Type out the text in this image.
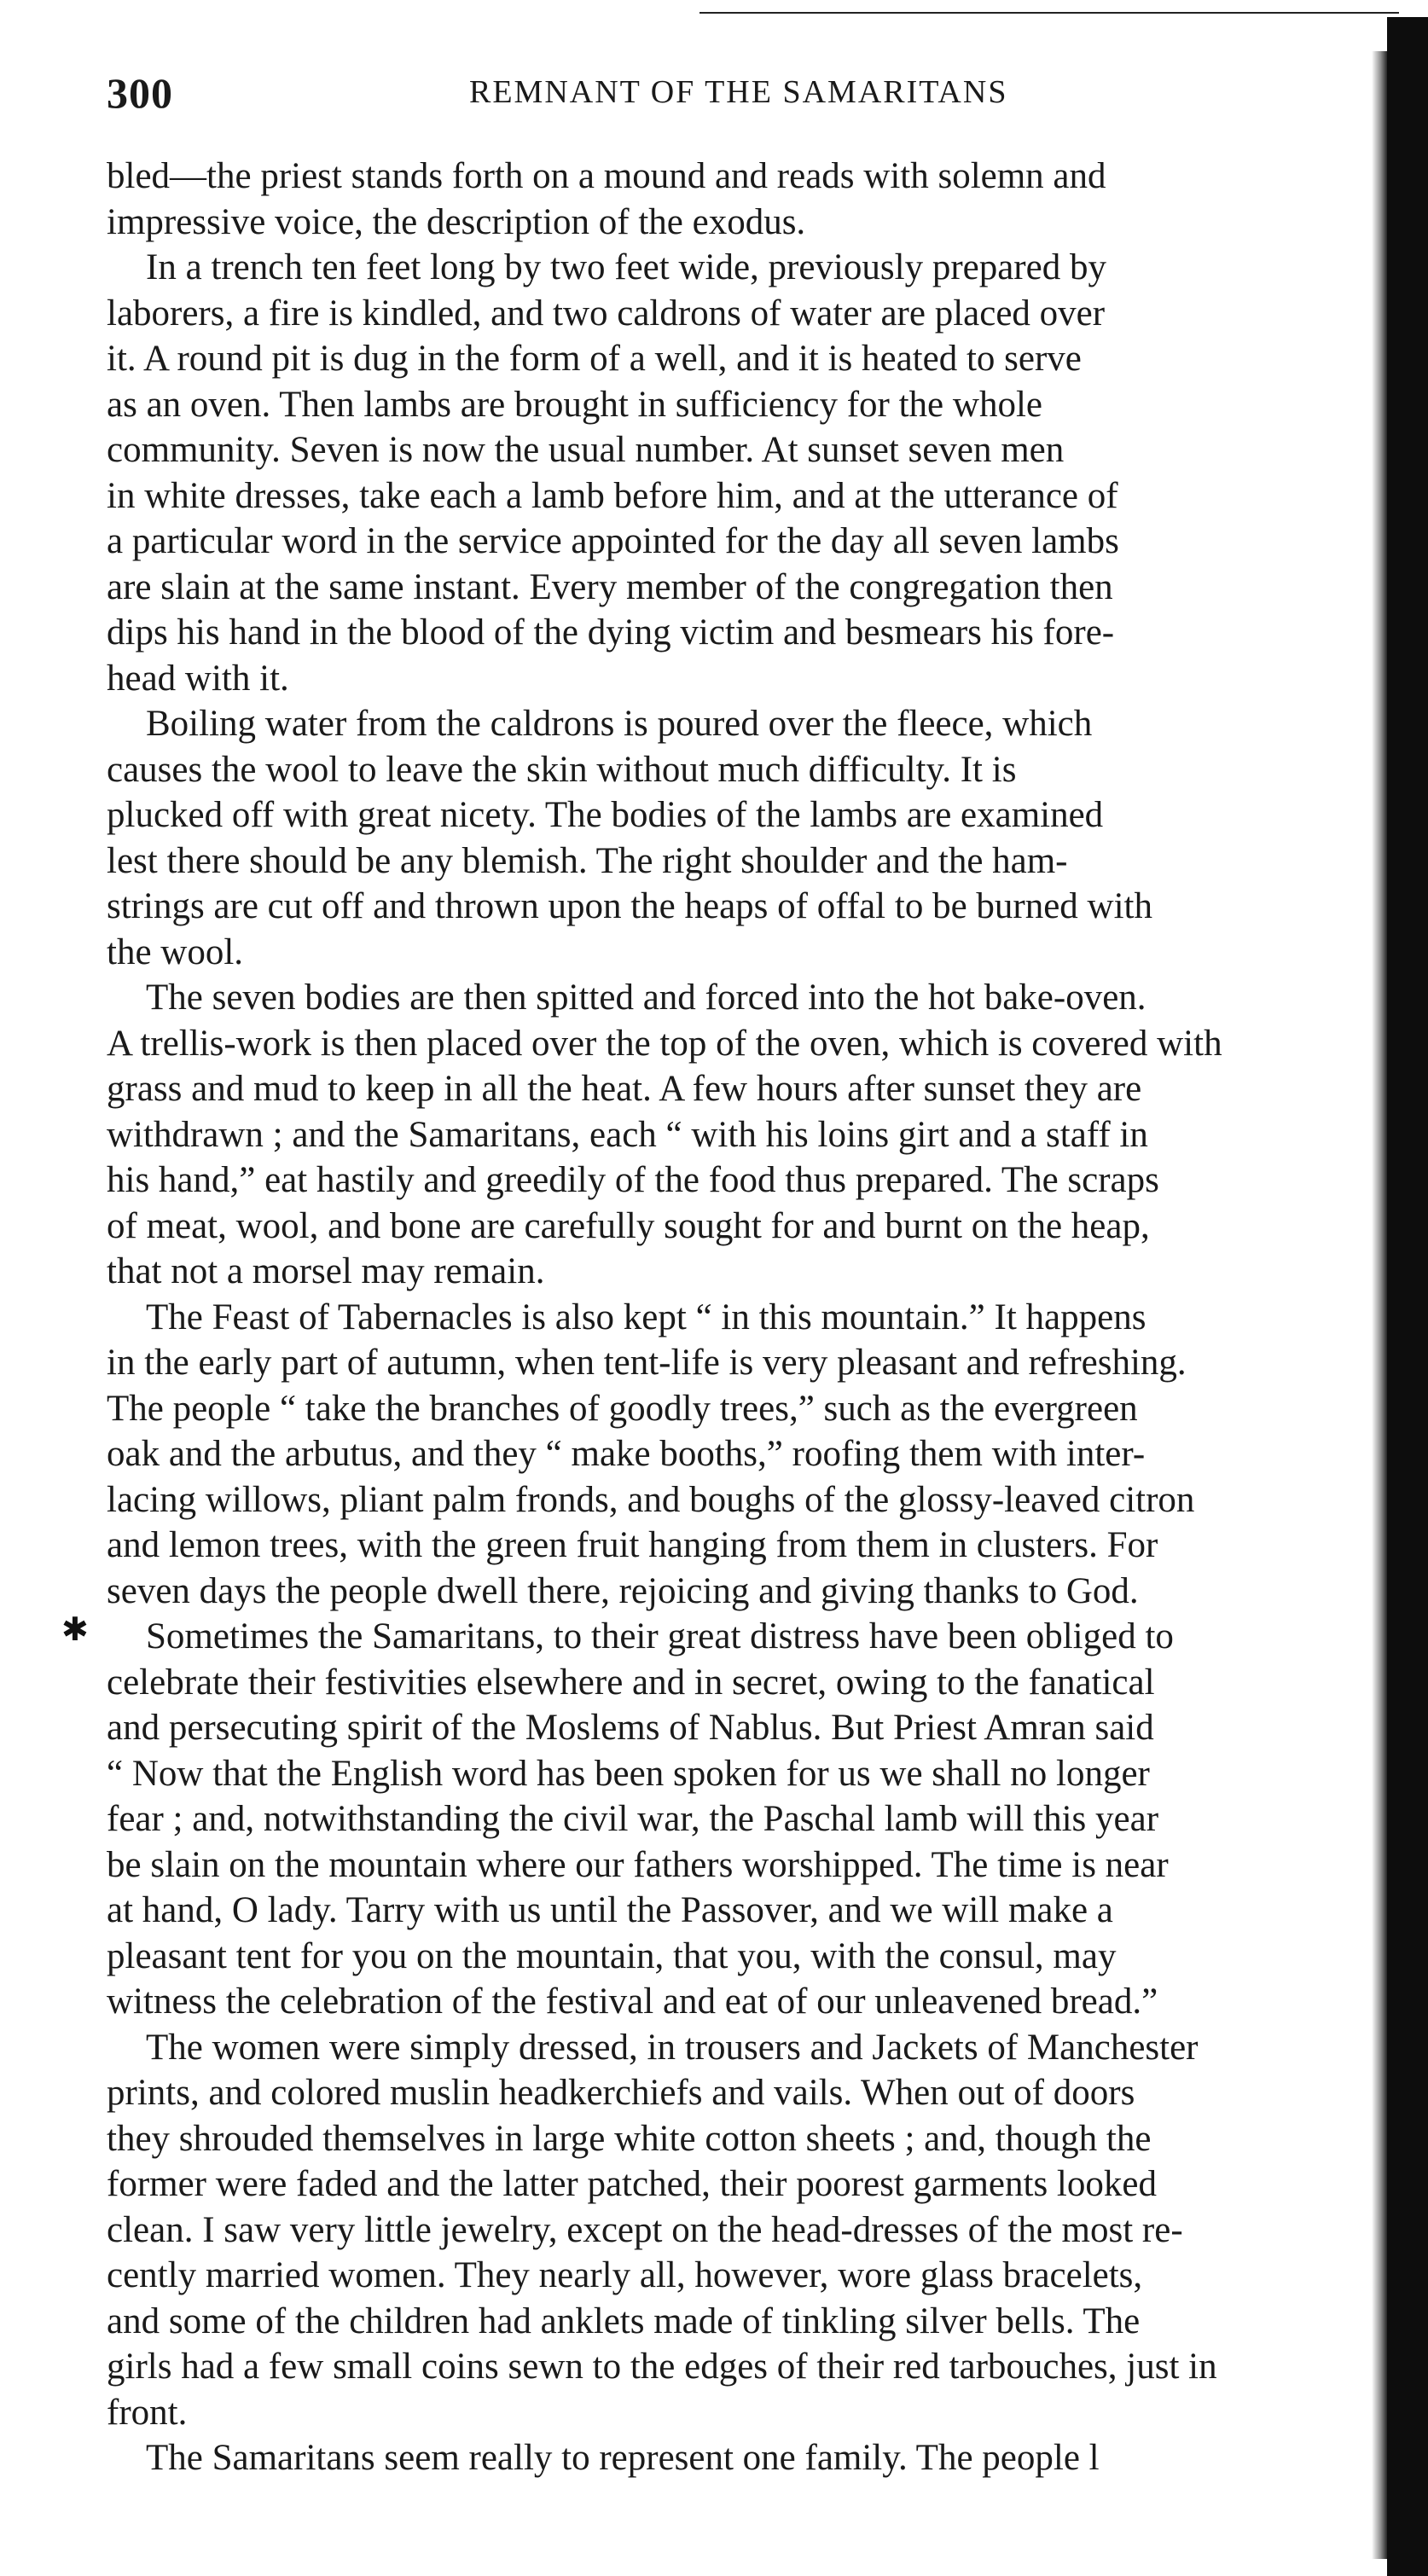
300	REMNANT OF THE SAMARITANS
✱

bled—the priest stands forth on a mound and reads with solemn and
impressive voice, the description of the exodus.

In a trench ten feet long by two feet wide, previously prepared by
laborers, a fire is kindled, and two caldrons of water are placed over
it. A round pit is dug in the form of a well, and it is heated to serve
as an oven. Then lambs are brought in sufficiency for the whole
community. Seven is now the usual number. At sunset seven men
in white dresses, take each a lamb before him, and at the utterance of
a particular word in the service appointed for the day all seven lambs
are slain at the same instant. Every member of the congregation then
dips his hand in the blood of the dying victim and besmears his fore-
head with it.

Boiling water from the caldrons is poured over the fleece, which
causes the wool to leave the skin without much difficulty. It is
plucked off with great nicety. The bodies of the lambs are examined
lest there should be any blemish. The right shoulder and the ham-
strings are cut off and thrown upon the heaps of offal to be burned with
the wool.

The seven bodies are then spitted and forced into the hot bake-oven.
A trellis-work is then placed over the top of the oven, which is covered with
grass and mud to keep in all the heat. A few hours after sunset they are
withdrawn ; and the Samaritans, each “ with his loins girt and a staff in
his hand,” eat hastily and greedily of the food thus prepared. The scraps
of meat, wool, and bone are carefully sought for and burnt on the heap,
that not a morsel may remain.

The Feast of Tabernacles is also kept “ in this mountain.” It happens
in the early part of autumn, when tent-life is very pleasant and refreshing.
The people “ take the branches of goodly trees,” such as the evergreen
oak and the arbutus, and they “ make booths,” roofing them with inter-
lacing willows, pliant palm fronds, and boughs of the glossy-leaved citron
and lemon trees, with the green fruit hanging from them in clusters. For
seven days the people dwell there, rejoicing and giving thanks to God.

Sometimes the Samaritans, to their great distress have been obliged to
celebrate their festivities elsewhere and in secret, owing to the fanatical
and persecuting spirit of the Moslems of Nablus. But Priest Amran said
“ Now that the English word has been spoken for us we shall no longer
fear ; and, notwithstanding the civil war, the Paschal lamb will this year
be slain on the mountain where our fathers worshipped. The time is near
at hand, O lady. Tarry with us until the Passover, and we will make a
pleasant tent for you on the mountain, that you, with the consul, may
witness the celebration of the festival and eat of our unleavened bread.”

The women were simply dressed, in trousers and Jackets of Manchester
prints, and colored muslin headkerchiefs and vails. When out of doors
they shrouded themselves in large white cotton sheets ; and, though the
former were faded and the latter patched, their poorest garments looked
clean. I saw very little jewelry, except on the head-dresses of the most re-
cently married women. They nearly all, however, wore glass bracelets,
and some of the children had anklets made of tinkling silver bells. The
girls had a few small coins sewn to the edges of their red tarbouches, just in
front.

The Samaritans seem really to represent one family. The people l
